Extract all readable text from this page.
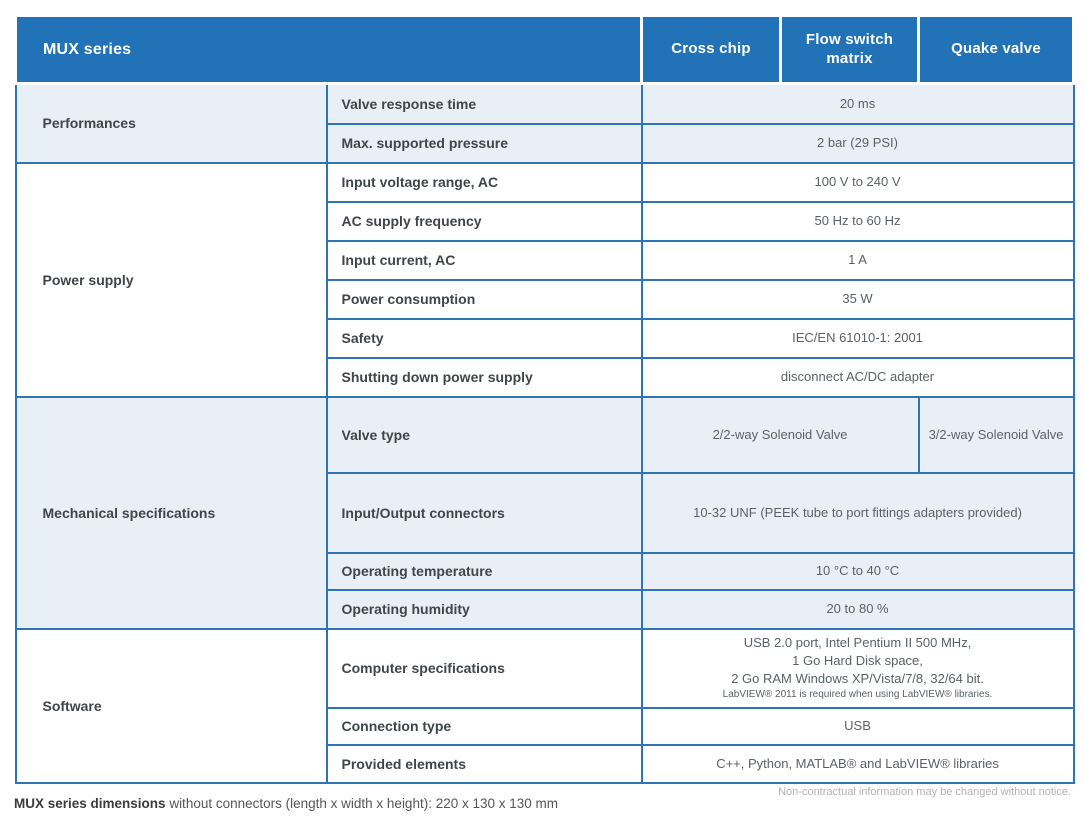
MUX series		Cross chip	Flow switch matrix	Quake valve
Performances	Valve response time	20 ms		
	Max. supported pressure	2 bar (29 PSI)		
Power supply	Input voltage range, AC	100 V to 240 V		
	AC supply frequency	50 Hz to 60 Hz		
	Input current, AC	1 A		
	Power consumption	35 W		
	Safety	IEC/EN 61010-1: 2001		
	Shutting down power supply	disconnect AC/DC adapter		
Mechanical specifications	Valve type	2/2-way Solenoid Valve		3/2-way Solenoid Valve
	Input/Output connectors	10-32 UNF (PEEK tube to port fittings adapters provided)		
	Operating temperature	10 °C to 40 °C		
	Operating humidity	20 to 80 %		
Software	Computer specifications	USB 2.0 port, Intel Pentium II 500 MHz,
1 Go Hard Disk space,
2 Go RAM Windows XP/Vista/7/8, 32/64 bit.
LabVIEW® 2011 is required when using LabVIEW® libraries.		

	Connection type	USB		
	Provided elements	C++, Python, MATLAB® and LabVIEW® libraries		
MUX series dimensions without connectors (length x width x height): 220 x 130 x 130 mm
Non-contractual information may be changed without notice.
